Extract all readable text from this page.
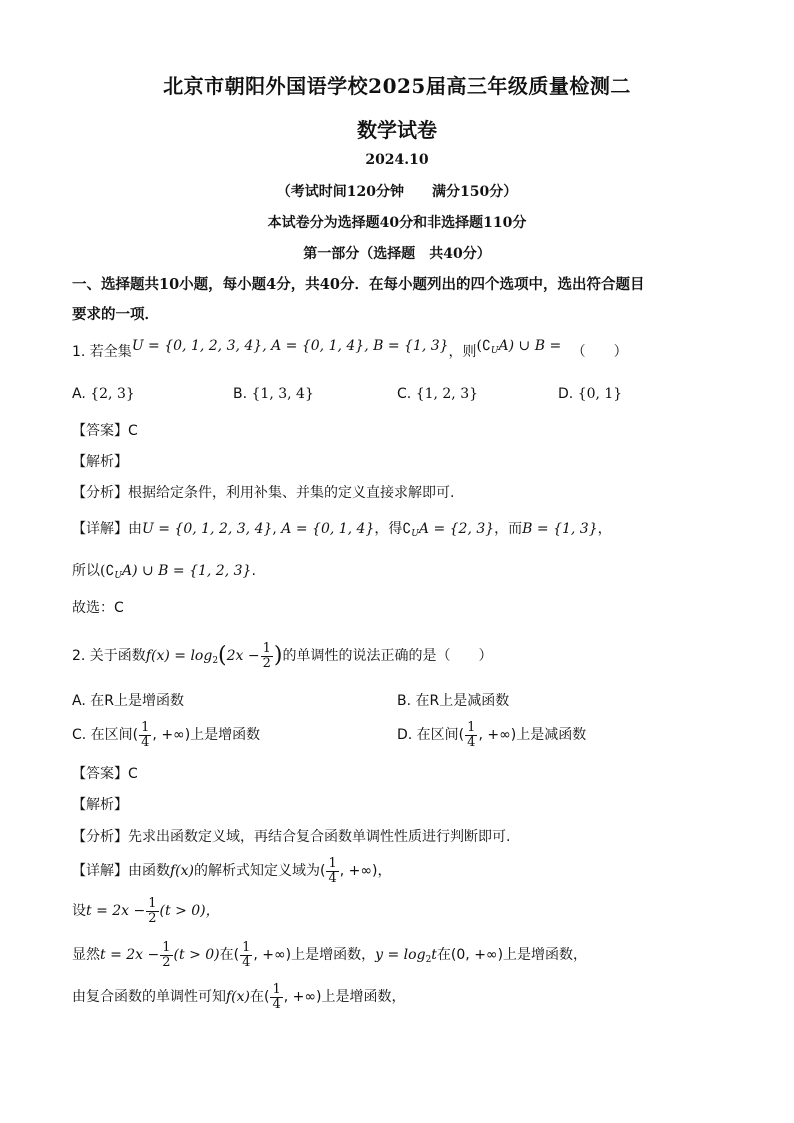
北京市朝阳外国语学校2025届高三年级质量检测二
数学试卷
2024.10
（考试时间120分钟　　满分150分）
本试卷分为选择题40分和非选择题110分
第一部分（选择题　共40分）
一、选择题共10小题，每小题4分，共40分．在每小题列出的四个选项中，选出符合题目
要求的一项．
1. 若全集U = {0, 1, 2, 3, 4}, A = {0, 1, 4}, B = {1, 3}，则$(∁_UA)$ ∪ B = （　　）
A. {2, 3}	B. {1, 3, 4}	C. {1, 2, 3}	D. {0, 1}
【答案】C
【解析】
【分析】根据给定条件，利用补集、并集的定义直接求解即可.
【详解】由U = {0, 1, 2, 3, 4}, A = {0, 1, 4}，得$∁_UA = \{2$, 3}，而B = {1, 3}，
所以$(∁_UA)$ ∪ B = {1, 2, 3}.
故选：C
2. 关于函数$f(x) = \log_2(2x - \frac{1}{2}$ )的单调性的说法正确的是（　　）
A. 在R上是增函数	B. 在R上是减函数
C. 在区间( $\frac{1}{4}$ , +∞)上是增函数	D. 在区间( $\frac{1}{4}$ , +∞)上是减函数
【答案】C
【解析】
【分析】先求出函数定义域，再结合复合函数单调性性质进行判断即可.
【详解】由函数f(x)的解析式知定义域为( $\frac{1}{4}$ , +∞)，
设$t = 2x - \frac{1}{2} (t > 0)$，
显然$t = 2x - \frac{1}{2} (t > 0)$在( $\frac{1}{4}$ , +∞)上是增函数，$y = \log_2t$在(0, +∞)上是增函数，
由复合函数的单调性可知f(x)在( $\frac{1}{4}$ , +∞)上是增函数，
